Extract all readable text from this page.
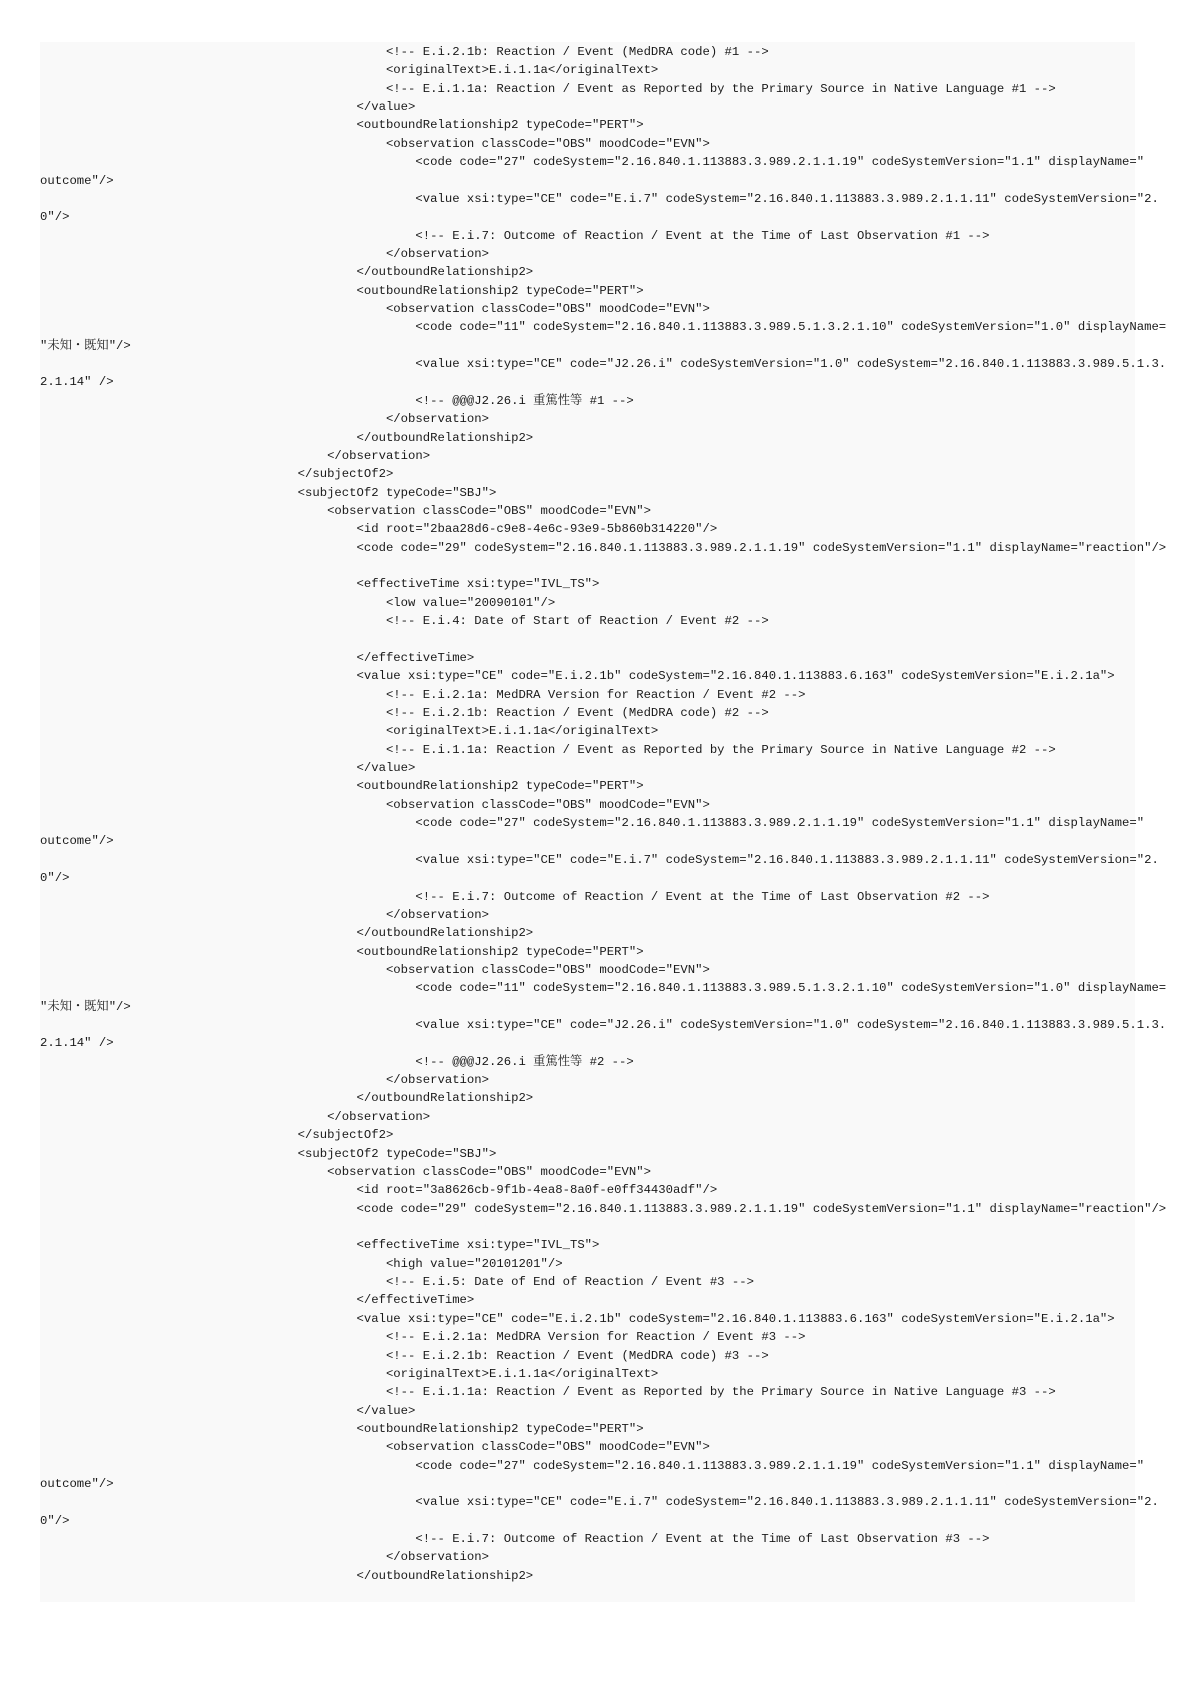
<!-- E.i.2.1b: Reaction / Event (MedDRA code) #1 -->
<originalText>E.i.1.1a</originalText>
<!-- E.i.1.1a: Reaction / Event as Reported by the Primary Source in Native Language #1 -->
</value>
<outboundRelationship2 typeCode="PERT">
<observation classCode="OBS" moodCode="EVN">
<code code="27" codeSystem="2.16.840.1.113883.3.989.2.1.1.19" codeSystemVersion="1.1" displayName="
outcome"/>
<value xsi:type="CE" code="E.i.7" codeSystem="2.16.840.1.113883.3.989.2.1.1.11" codeSystemVersion="2.
0"/>
<!-- E.i.7: Outcome of Reaction / Event at the Time of Last Observation #1 -->
</observation>
</outboundRelationship2>
<outboundRelationship2 typeCode="PERT">
<observation classCode="OBS" moodCode="EVN">
<code code="11" codeSystem="2.16.840.1.113883.3.989.5.1.3.2.1.10" codeSystemVersion="1.0" displayName=
"未知・既知"/>
<value xsi:type="CE" code="J2.26.i" codeSystemVersion="1.0" codeSystem="2.16.840.1.113883.3.989.5.1.3.
2.1.14" />
<!-- @@@J2.26.i 重篤性等 #1 -->
</observation>
</outboundRelationship2>
</observation>
</subjectOf2>
<subjectOf2 typeCode="SBJ">
<observation classCode="OBS" moodCode="EVN">
<id root="2baa28d6-c9e8-4e6c-93e9-5b860b314220"/>
<code code="29" codeSystem="2.16.840.1.113883.3.989.2.1.1.19" codeSystemVersion="1.1" displayName="reaction"/>
<effectiveTime xsi:type="IVL_TS">
<low value="20090101"/>
<!-- E.i.4: Date of Start of Reaction / Event #2 -->
</effectiveTime>
<value xsi:type="CE" code="E.i.2.1b" codeSystem="2.16.840.1.113883.6.163" codeSystemVersion="E.i.2.1a">
<!-- E.i.2.1a: MedDRA Version for Reaction / Event #2 -->
<!-- E.i.2.1b: Reaction / Event (MedDRA code) #2 -->
<originalText>E.i.1.1a</originalText>
<!-- E.i.1.1a: Reaction / Event as Reported by the Primary Source in Native Language #2 -->
</value>
<outboundRelationship2 typeCode="PERT">
<observation classCode="OBS" moodCode="EVN">
<code code="27" codeSystem="2.16.840.1.113883.3.989.2.1.1.19" codeSystemVersion="1.1" displayName="
outcome"/>
<value xsi:type="CE" code="E.i.7" codeSystem="2.16.840.1.113883.3.989.2.1.1.11" codeSystemVersion="2.
0"/>
<!-- E.i.7: Outcome of Reaction / Event at the Time of Last Observation #2 -->
</observation>
</outboundRelationship2>
<outboundRelationship2 typeCode="PERT">
<observation classCode="OBS" moodCode="EVN">
<code code="11" codeSystem="2.16.840.1.113883.3.989.5.1.3.2.1.10" codeSystemVersion="1.0" displayName=
"未知・既知"/>
<value xsi:type="CE" code="J2.26.i" codeSystemVersion="1.0" codeSystem="2.16.840.1.113883.3.989.5.1.3.
2.1.14" />
<!-- @@@J2.26.i 重篤性等 #2 -->
</observation>
</outboundRelationship2>
</observation>
</subjectOf2>
<subjectOf2 typeCode="SBJ">
<observation classCode="OBS" moodCode="EVN">
<id root="3a8626cb-9f1b-4ea8-8a0f-e0ff34430adf"/>
<code code="29" codeSystem="2.16.840.1.113883.3.989.2.1.1.19" codeSystemVersion="1.1" displayName="reaction"/>
<effectiveTime xsi:type="IVL_TS">
<high value="20101201"/>
<!-- E.i.5: Date of End of Reaction / Event #3 -->
</effectiveTime>
<value xsi:type="CE" code="E.i.2.1b" codeSystem="2.16.840.1.113883.6.163" codeSystemVersion="E.i.2.1a">
<!-- E.i.2.1a: MedDRA Version for Reaction / Event #3 -->
<!-- E.i.2.1b: Reaction / Event (MedDRA code) #3 -->
<originalText>E.i.1.1a</originalText>
<!-- E.i.1.1a: Reaction / Event as Reported by the Primary Source in Native Language #3 -->
</value>
<outboundRelationship2 typeCode="PERT">
<observation classCode="OBS" moodCode="EVN">
<code code="27" codeSystem="2.16.840.1.113883.3.989.2.1.1.19" codeSystemVersion="1.1" displayName="
outcome"/>
<value xsi:type="CE" code="E.i.7" codeSystem="2.16.840.1.113883.3.989.2.1.1.11" codeSystemVersion="2.
0"/>
<!-- E.i.7: Outcome of Reaction / Event at the Time of Last Observation #3 -->
</observation>
</outboundRelationship2>
